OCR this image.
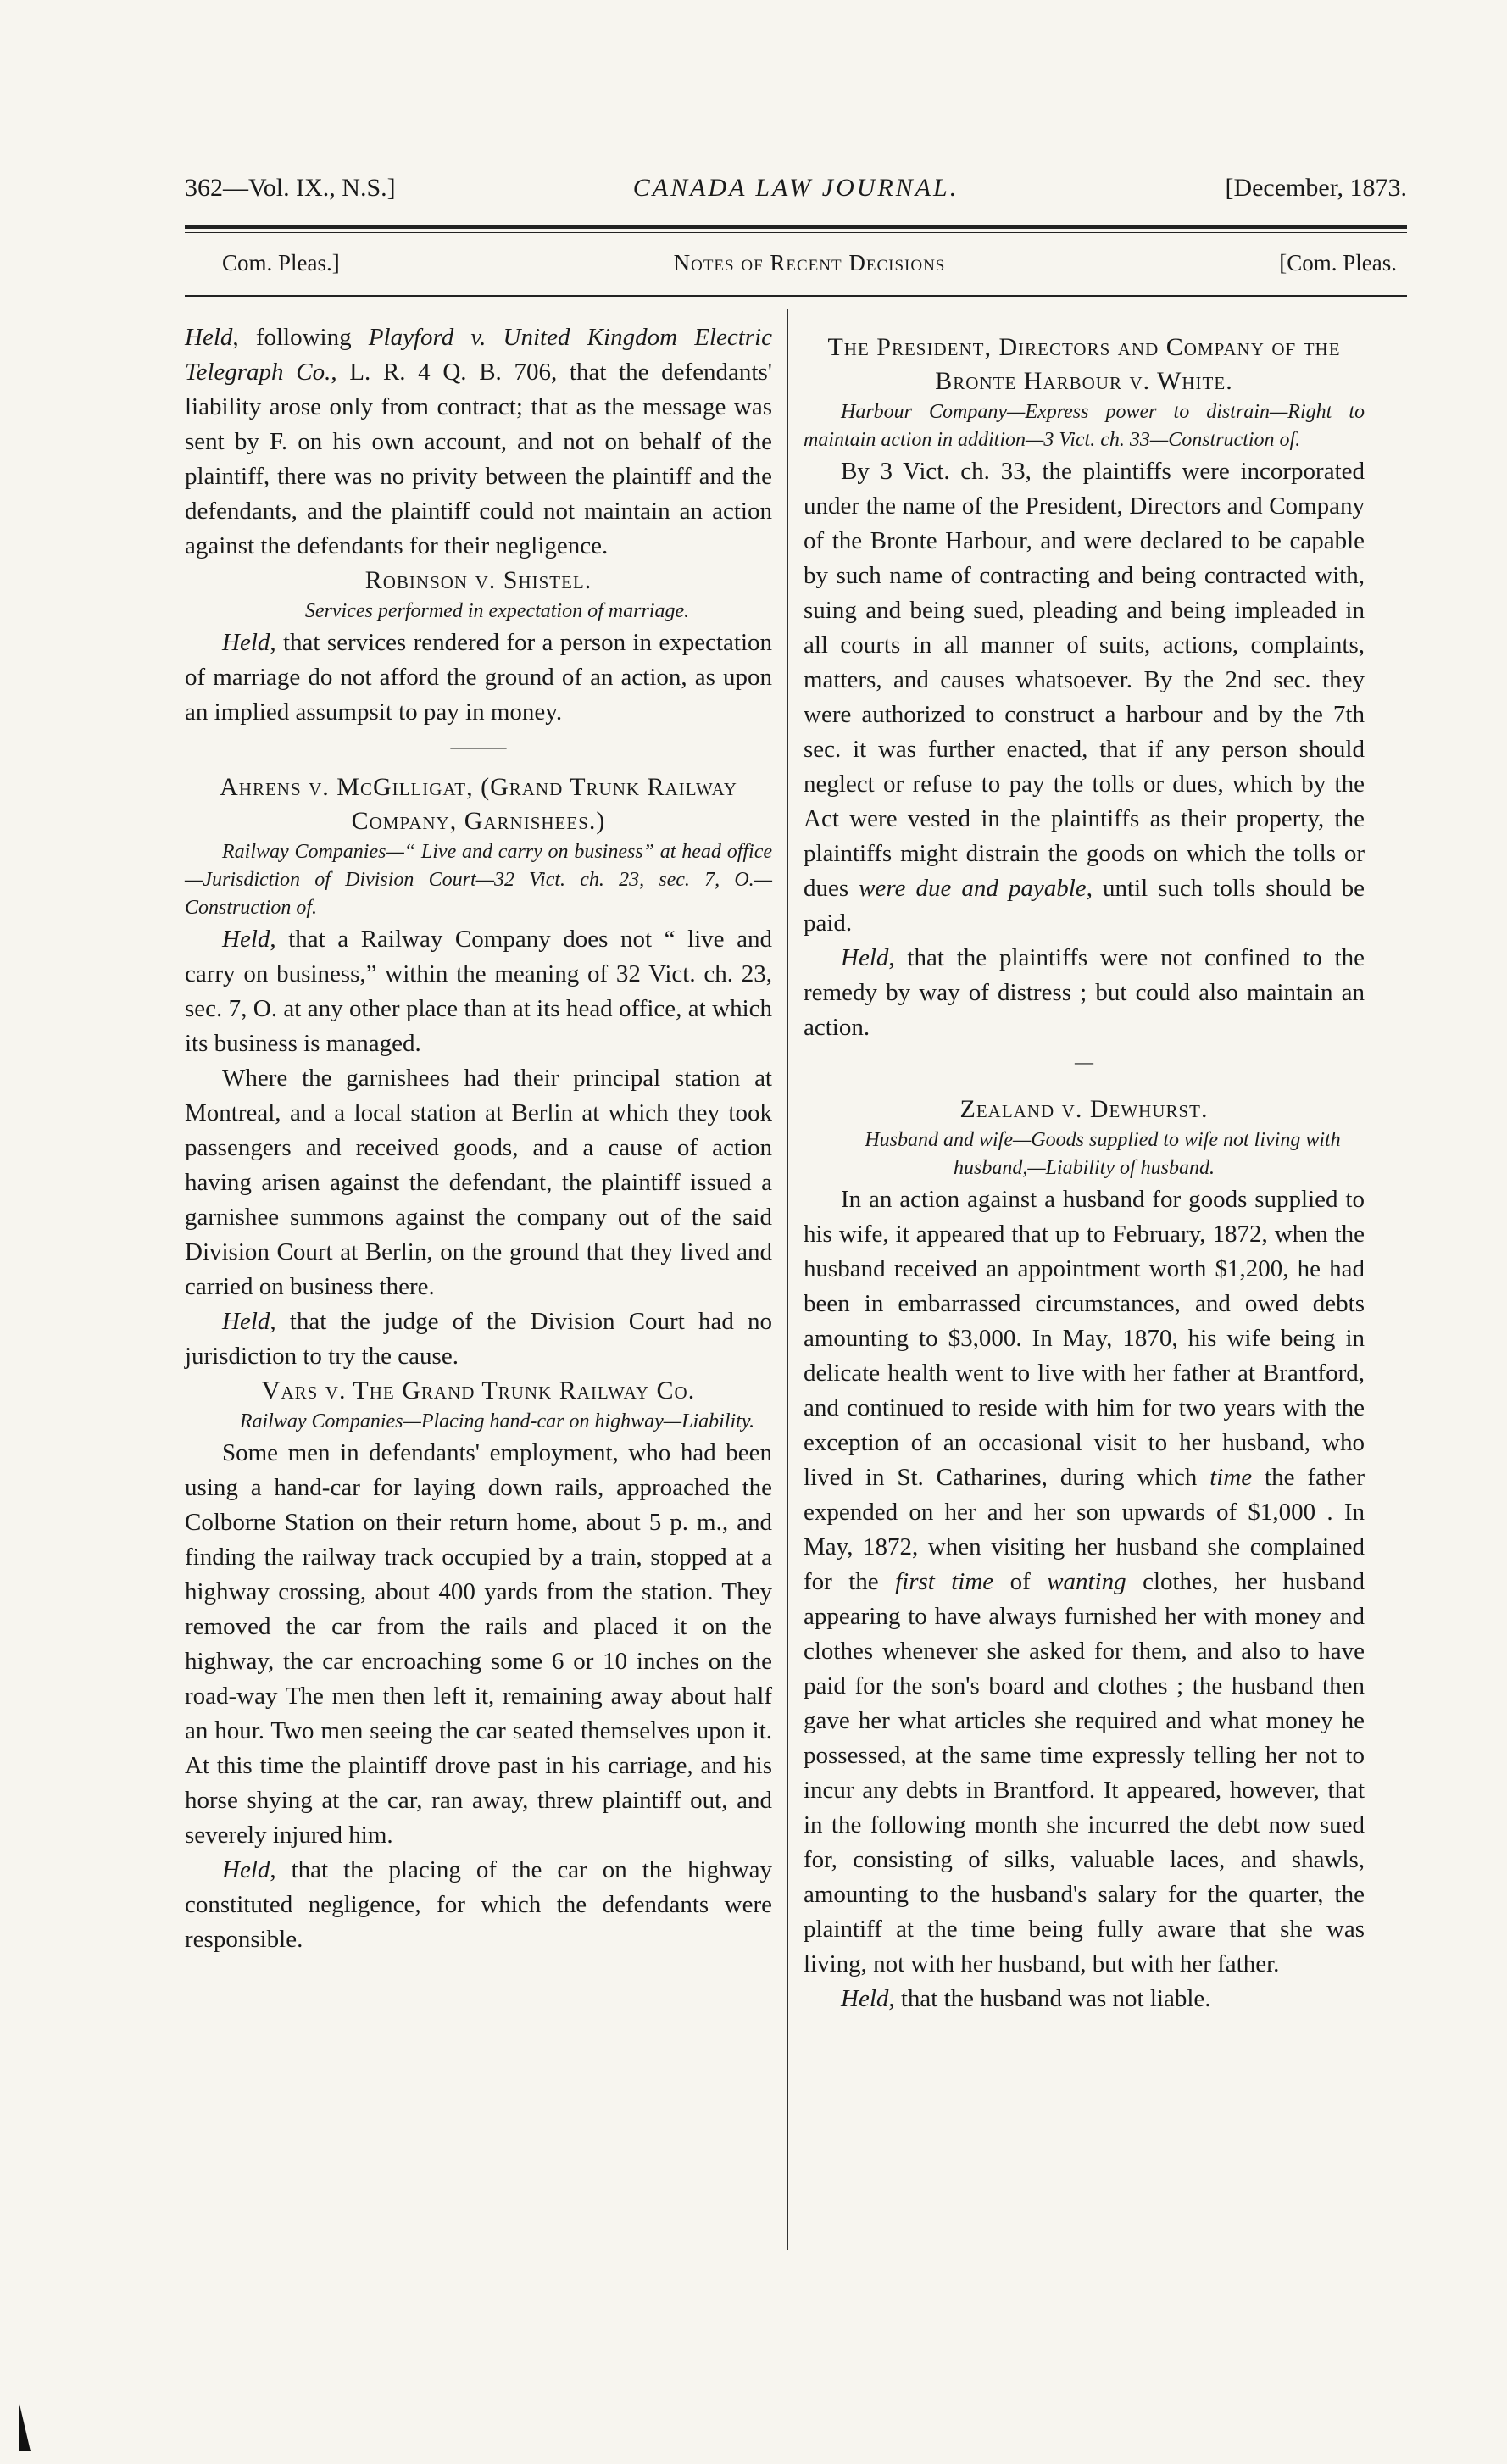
362—Vol. IX., N.S.]	CANADA LAW JOURNAL.	[December, 1873.
Com. Pleas.]	Notes of Recent Decisions	[Com. Pleas.

Held, following Playford v. United Kingdom Electric Telegraph Co., L. R. 4 Q. B. 706, that the defendants' liability arose only from contract; that as the message was sent by F. on his own account, and not on behalf of the plaintiff, there was no privity between the plaintiff and the defendants, and the plaintiff could not maintain an action against the defendants for their negligence.

Robinson v. Shistel.

Services performed in expectation of marriage.

Held, that services rendered for a person in expectation of marriage do not afford the ground of an action, as upon an implied assumpsit to pay in money.

———

Ahrens v. McGilligat, (Grand Trunk Railway Company, Garnishees.)

Railway Companies—“ Live and carry on business” at head office—Jurisdiction of Division Court—32 Vict. ch. 23, sec. 7, O.—Construction of.

Held, that a Railway Company does not “ live and carry on business,” within the meaning of 32 Vict. ch. 23, sec. 7, O. at any other place than at its head office, at which its business is managed.

Where the garnishees had their principal station at Montreal, and a local station at Berlin at which they took passengers and received goods, and a cause of action having arisen against the defendant, the plaintiff issued a garnishee summons against the company out of the said Division Court at Berlin, on the ground that they lived and carried on business there.

Held, that the judge of the Division Court had no jurisdiction to try the cause.

Vars v. The Grand Trunk Railway Co.

Railway Companies—Placing hand-car on highway—Liability.

Some men in defendants' employment, who had been using a hand-car for laying down rails, approached the Colborne Station on their return home, about 5 p. m., and finding the railway track occupied by a train, stopped at a highway crossing, about 400 yards from the station. They removed the car from the rails and placed it on the highway, the car encroaching some 6 or 10 inches on the road-way The men then left it, remaining away about half an hour. Two men seeing the car seated themselves upon it. At this time the plaintiff drove past in his carriage, and his horse shying at the car, ran away, threw plaintiff out, and severely injured him.

Held, that the placing of the car on the highway constituted negligence, for which the defendants were responsible.

The President, Directors and Company of the Bronte Harbour v. White.

Harbour Company—Express power to distrain—Right to maintain action in addition—3 Vict. ch. 33—Construction of.

By 3 Vict. ch. 33, the plaintiffs were incorporated under the name of the President, Directors and Company of the Bronte Harbour, and were declared to be capable by such name of contracting and being contracted with, suing and being sued, pleading and being impleaded in all courts in all manner of suits, actions, complaints, matters, and causes whatsoever. By the 2nd sec. they were authorized to construct a harbour and by the 7th sec. it was further enacted, that if any person should neglect or refuse to pay the tolls or dues, which by the Act were vested in the plaintiffs as their property, the plaintiffs might distrain the goods on which the tolls or dues were due and payable, until such tolls should be paid.

Held, that the plaintiffs were not confined to the remedy by way of distress ; but could also maintain an action.

—

Zealand v. Dewhurst.

Husband and wife—Goods supplied to wife not living with husband,—Liability of husband.

In an action against a husband for goods supplied to his wife, it appeared that up to February, 1872, when the husband received an appointment worth $1,200, he had been in embarrassed circumstances, and owed debts amounting to $3,000. In May, 1870, his wife being in delicate health went to live with her father at Brantford, and continued to reside with him for two years with the exception of an occasional visit to her husband, who lived in St. Catharines, during which time the father expended on her and her son upwards of $1,000 . In May, 1872, when visiting her husband she complained for the first time of wanting clothes, her husband appearing to have always furnished her with money and clothes whenever she asked for them, and also to have paid for the son's board and clothes ; the husband then gave her what articles she required and what money he possessed, at the same time expressly telling her not to incur any debts in Brantford. It appeared, however, that in the following month she incurred the debt now sued for, consisting of silks, valuable laces, and shawls, amounting to the husband's salary for the quarter, the plaintiff at the time being fully aware that she was living, not with her husband, but with her father.

Held, that the husband was not liable.
